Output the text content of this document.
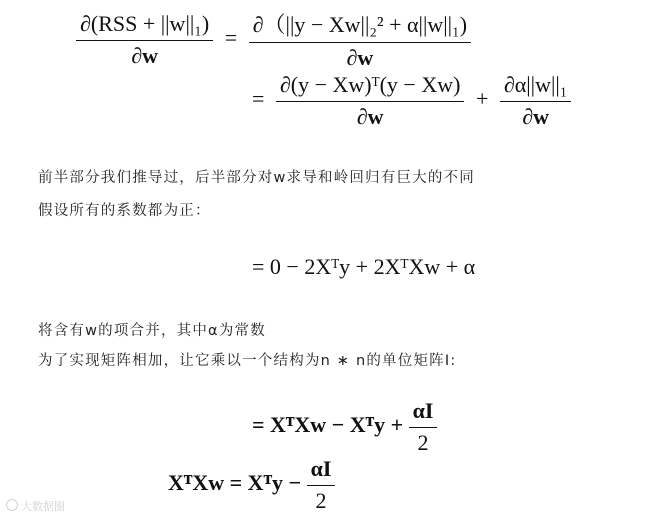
$\frac{\text{∂(RSS + ||w||₁)}}{\partial w} = \frac{\text{∂（||y − Xw||₂² + α||w||₁)}}{\partial w}$
= $\frac{\text{∂(y − Xw)ᵀ(y − Xw)}}{\partial w} + \frac{\text{∂α||w||₁}}{\partial w}$
前半部分我们推导过，后半部分对w求导和岭回归有巨大的不同
假设所有的系数都为正：
= 0 − 2Xᵀy + 2XᵀXw + α
将含有w的项合并，其中α为常数
为了实现矩阵相加，让它乘以一个结构为n ∗ n的单位矩阵I:
= XᵀXw − Xᵀy + $\frac{\alpha I}{2}$
XᵀXw = Xᵀy − $\frac{\alpha I}{2}$
大数据圈
